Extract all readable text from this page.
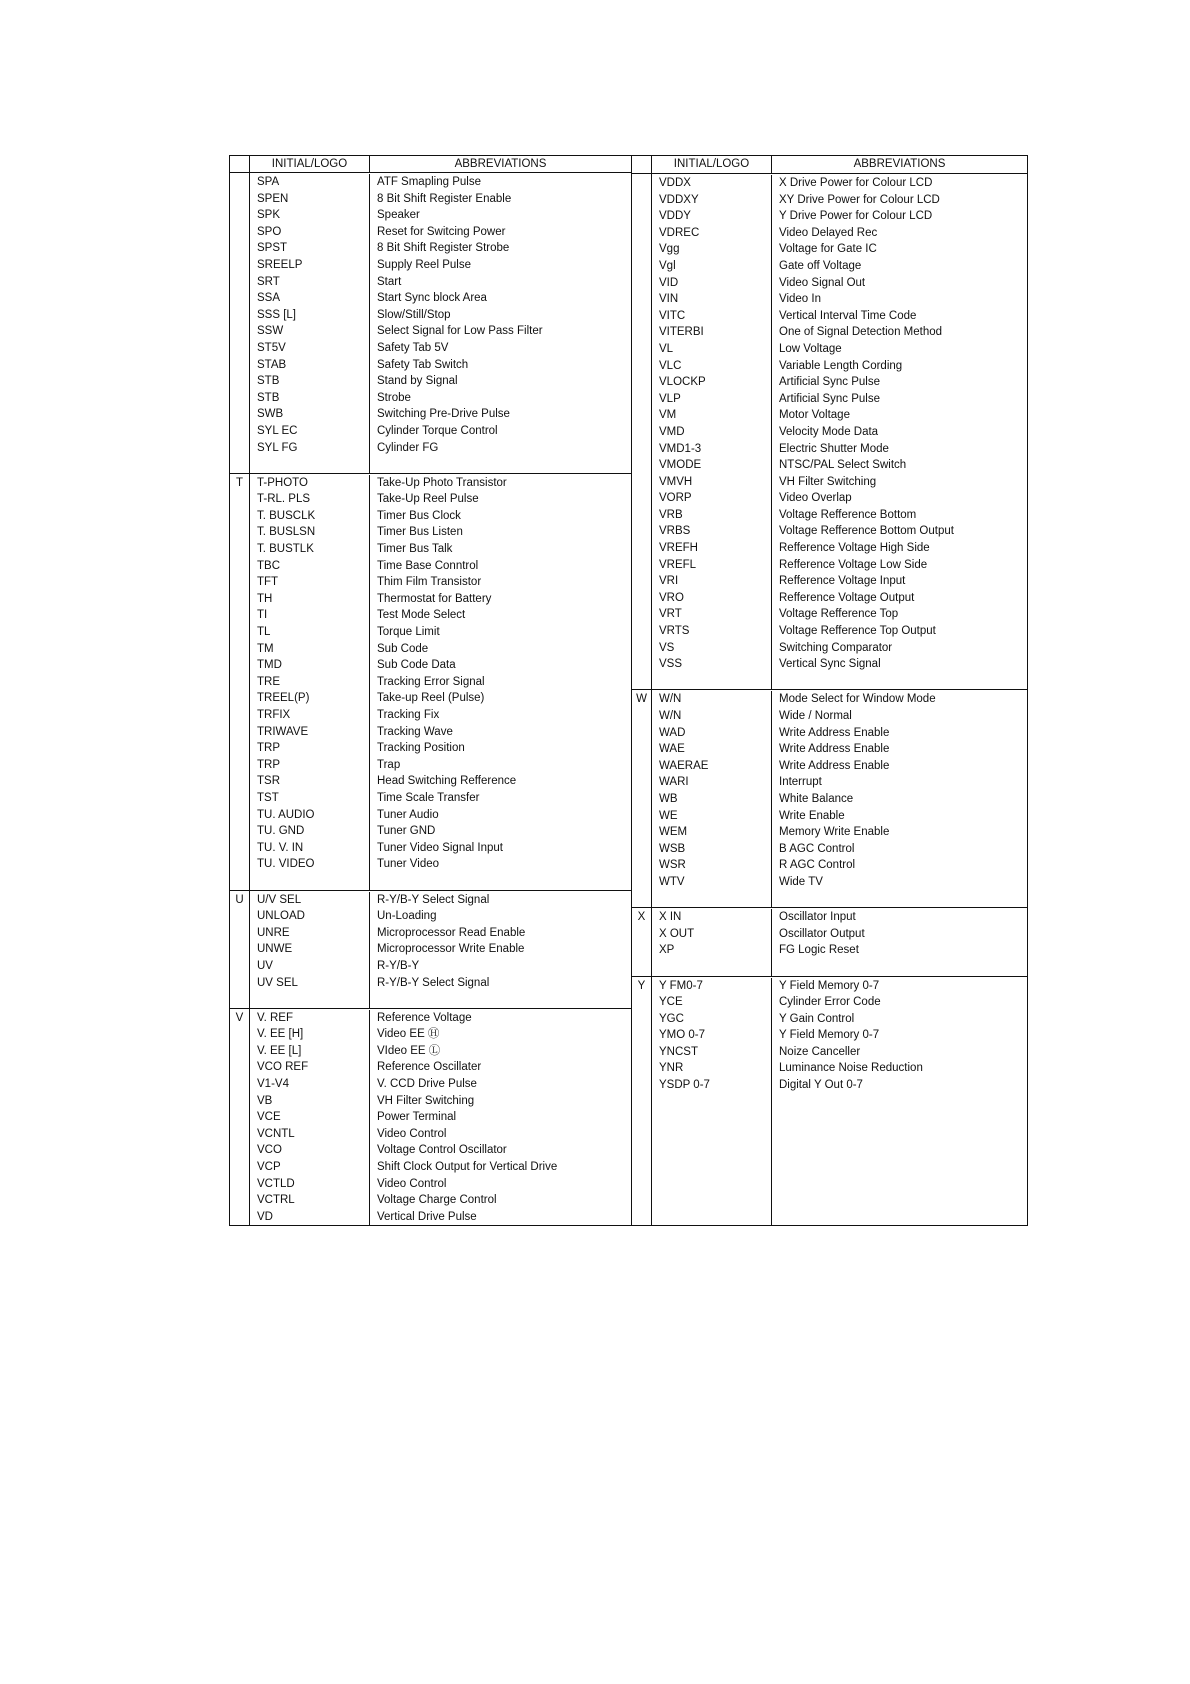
INITIAL/LOGO	ABBREVIATIONS
SPA	ATF Smapling Pulse
SPEN	8 Bit Shift Register Enable
SPK	Speaker
SPO	Reset for Switcing Power
SPST	8 Bit Shift Register Strobe
SREELP	Supply Reel Pulse
SRT	Start
SSA	Start Sync block Area
SSS [L]	Slow/Still/Stop
SSW	Select Signal for Low Pass Filter
ST5V	Safety Tab 5V
STAB	Safety Tab Switch
STB	Stand by Signal
STB	Strobe
SWB	Switching Pre-Drive Pulse
SYL EC	Cylinder Torque Control
SYL FG	Cylinder FG
T	T-PHOTO	Take-Up Photo Transistor
T-RL. PLS	Take-Up Reel Pulse
T. BUSCLK	Timer Bus Clock
T. BUSLSN	Timer Bus Listen
T. BUSTLK	Timer Bus Talk
TBC	Time Base Conntrol
TFT	Thim Film Transistor
TH	Thermostat for Battery
TI	Test Mode Select
TL	Torque Limit
TM	Sub Code
TMD	Sub Code Data
TRE	Tracking Error Signal
TREEL(P)	Take-up Reel (Pulse)
TRFIX	Tracking Fix
TRIWAVE	Tracking Wave
TRP	Tracking Position
TRP	Trap
TSR	Head Switching Refference
TST	Time Scale Transfer
TU. AUDIO	Tuner Audio
TU. GND	Tuner GND
TU. V. IN	Tuner Video Signal Input
TU. VIDEO	Tuner Video
U	U/V SEL	R-Y/B-Y Select Signal
UNLOAD	Un-Loading
UNRE	Microprocessor Read Enable
UNWE	Microprocessor Write Enable
UV	R-Y/B-Y
UV SEL	R-Y/B-Y Select Signal
V	V. REF	Reference Voltage
V. EE [H]	Video EE Ⓗ
V. EE [L]	VIdeo EE Ⓛ
VCO REF	Reference Oscillater
V1-V4	V. CCD Drive Pulse
VB	VH Filter Switching
VCE	Power Terminal
VCNTL	Video Control
VCO	Voltage Control Oscillator
VCP	Shift Clock Output for Vertical Drive
VCTLD	Video Control
VCTRL	Voltage Charge Control
VD	Vertical Drive Pulse
INITIAL/LOGO	ABBREVIATIONS
VDDX	X Drive Power for Colour LCD
VDDXY	XY Drive Power for Colour LCD
VDDY	Y Drive Power for Colour LCD
VDREC	Video Delayed Rec
Vgg	Voltage for Gate IC
Vgl	Gate off Voltage
VID	Video Signal Out
VIN	Video In
VITC	Vertical Interval Time Code
VITERBI	One of Signal Detection Method
VL	Low Voltage
VLC	Variable Length Cording
VLOCKP	Artificial Sync Pulse
VLP	Artificial Sync Pulse
VM	Motor Voltage
VMD	Velocity Mode Data
VMD1-3	Electric Shutter Mode
VMODE	NTSC/PAL Select Switch
VMVH	VH Filter Switching
VORP	Video Overlap
VRB	Voltage Refference Bottom
VRBS	Voltage Refference Bottom Output
VREFH	Refference Voltage High Side
VREFL	Refference Voltage Low Side
VRI	Refference Voltage Input
VRO	Refference Voltage Output
VRT	Voltage Refference Top
VRTS	Voltage Refference Top Output
VS	Switching Comparator
VSS	Vertical Sync Signal
W	W/N	Mode Select for Window Mode
W/N	Wide / Normal
WAD	Write Address Enable
WAE	Write Address Enable
WAERAE	Write Address Enable
WARI	Interrupt
WB	White Balance
WE	Write Enable
WEM	Memory Write Enable
WSB	B AGC Control
WSR	R AGC Control
WTV	Wide TV
X	X IN	Oscillator Input
X OUT	Oscillator Output
XP	FG Logic Reset
Y	Y FM0-7	Y Field Memory 0-7
YCE	Cylinder Error Code
YGC	Y Gain Control
YMO 0-7	Y Field Memory 0-7
YNCST	Noize Canceller
YNR	Luminance Noise Reduction
YSDP 0-7	Digital Y Out 0-7
